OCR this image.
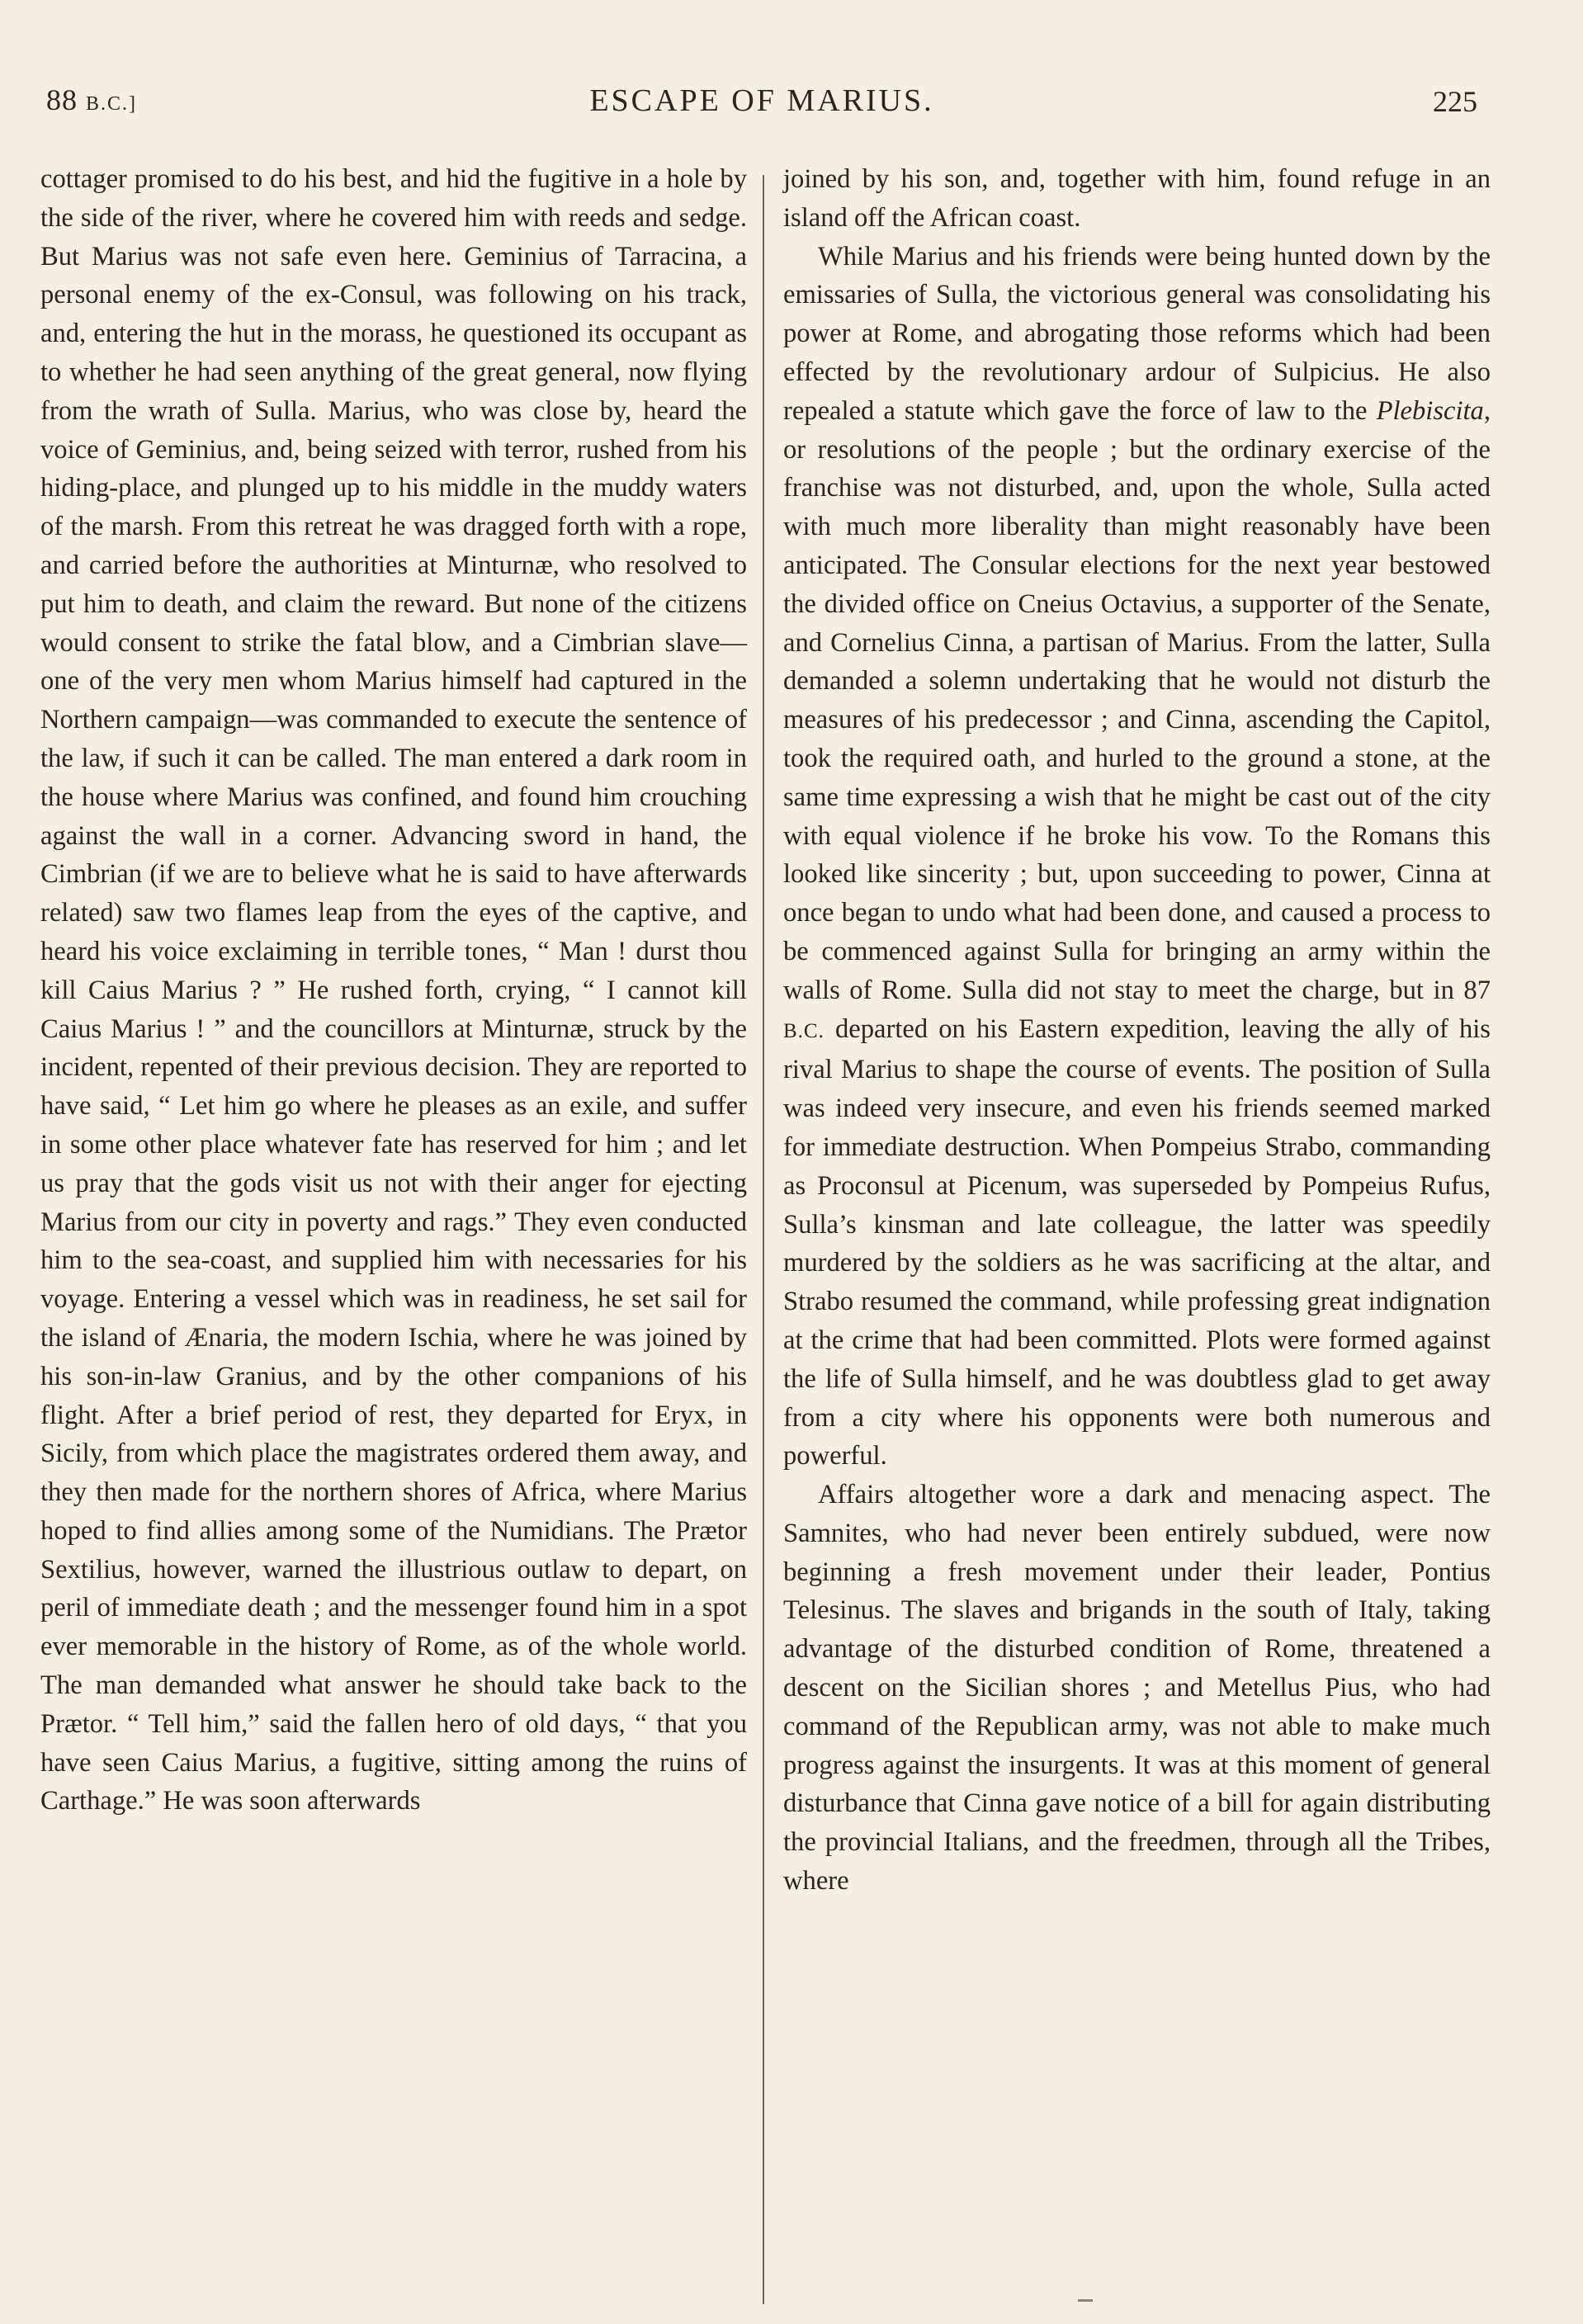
88 B.C.]	ESCAPE OF MARIUS.	225

cottager promised to do his best, and hid the fugitive in a hole by the side of the river, where he covered him with reeds and sedge. But Marius was not safe even here. Geminius of Tarracina, a personal enemy of the ex-Consul, was following on his track, and, entering the hut in the morass, he questioned its occupant as to whether he had seen anything of the great general, now flying from the wrath of Sulla. Marius, who was close by, heard the voice of Geminius, and, being seized with terror, rushed from his hiding-place, and plunged up to his middle in the muddy waters of the marsh. From this retreat he was dragged forth with a rope, and carried before the authorities at Minturnæ, who resolved to put him to death, and claim the reward. But none of the citizens would consent to strike the fatal blow, and a Cimbrian slave—one of the very men whom Marius himself had captured in the Northern campaign—was commanded to execute the sentence of the law, if such it can be called. The man entered a dark room in the house where Marius was confined, and found him crouching against the wall in a corner. Advancing sword in hand, the Cimbrian (if we are to believe what he is said to have afterwards related) saw two flames leap from the eyes of the captive, and heard his voice exclaiming in terrible tones, “ Man ! durst thou kill Caius Marius ? ” He rushed forth, crying, “ I cannot kill Caius Marius ! ” and the councillors at Minturnæ, struck by the incident, repented of their previous decision. They are reported to have said, “ Let him go where he pleases as an exile, and suffer in some other place whatever fate has reserved for him ; and let us pray that the gods visit us not with their anger for ejecting Marius from our city in poverty and rags.” They even conducted him to the sea-coast, and supplied him with necessaries for his voyage. Entering a vessel which was in readiness, he set sail for the island of Ænaria, the modern Ischia, where he was joined by his son-in-law Granius, and by the other companions of his flight. After a brief period of rest, they departed for Eryx, in Sicily, from which place the magistrates ordered them away, and they then made for the northern shores of Africa, where Marius hoped to find allies among some of the Numidians. The Prætor Sextilius, however, warned the illustrious outlaw to depart, on peril of immediate death ; and the messenger found him in a spot ever memorable in the history of Rome, as of the whole world. The man demanded what answer he should take back to the Prætor. “ Tell him,” said the fallen hero of old days, “ that you have seen Caius Marius, a fugitive, sitting among the ruins of Carthage.” He was soon afterwards

joined by his son, and, together with him, found refuge in an island off the African coast.

While Marius and his friends were being hunted down by the emissaries of Sulla, the victorious general was consolidating his power at Rome, and abrogating those reforms which had been effected by the revolutionary ardour of Sulpicius. He also repealed a statute which gave the force of law to the Plebiscita, or resolutions of the people ; but the ordinary exercise of the franchise was not disturbed, and, upon the whole, Sulla acted with much more liberality than might reasonably have been anticipated. The Consular elections for the next year bestowed the divided office on Cneius Octavius, a supporter of the Senate, and Cornelius Cinna, a partisan of Marius. From the latter, Sulla demanded a solemn undertaking that he would not disturb the measures of his predecessor ; and Cinna, ascending the Capitol, took the required oath, and hurled to the ground a stone, at the same time expressing a wish that he might be cast out of the city with equal violence if he broke his vow. To the Romans this looked like sincerity ; but, upon succeeding to power, Cinna at once began to undo what had been done, and caused a process to be commenced against Sulla for bringing an army within the walls of Rome. Sulla did not stay to meet the charge, but in 87 B.C. departed on his Eastern expedition, leaving the ally of his rival Marius to shape the course of events. The position of Sulla was indeed very insecure, and even his friends seemed marked for immediate destruction. When Pompeius Strabo, commanding as Proconsul at Picenum, was superseded by Pompeius Rufus, Sulla’s kinsman and late colleague, the latter was speedily murdered by the soldiers as he was sacrificing at the altar, and Strabo resumed the command, while professing great indignation at the crime that had been committed. Plots were formed against the life of Sulla himself, and he was doubtless glad to get away from a city where his opponents were both numerous and powerful.

Affairs altogether wore a dark and menacing aspect. The Samnites, who had never been entirely subdued, were now beginning a fresh movement under their leader, Pontius Telesinus. The slaves and brigands in the south of Italy, taking advantage of the disturbed condition of Rome, threatened a descent on the Sicilian shores ; and Metellus Pius, who had command of the Republican army, was not able to make much progress against the insurgents. It was at this moment of general disturbance that Cinna gave notice of a bill for again distributing the provincial Italians, and the freedmen, through all the Tribes, where
